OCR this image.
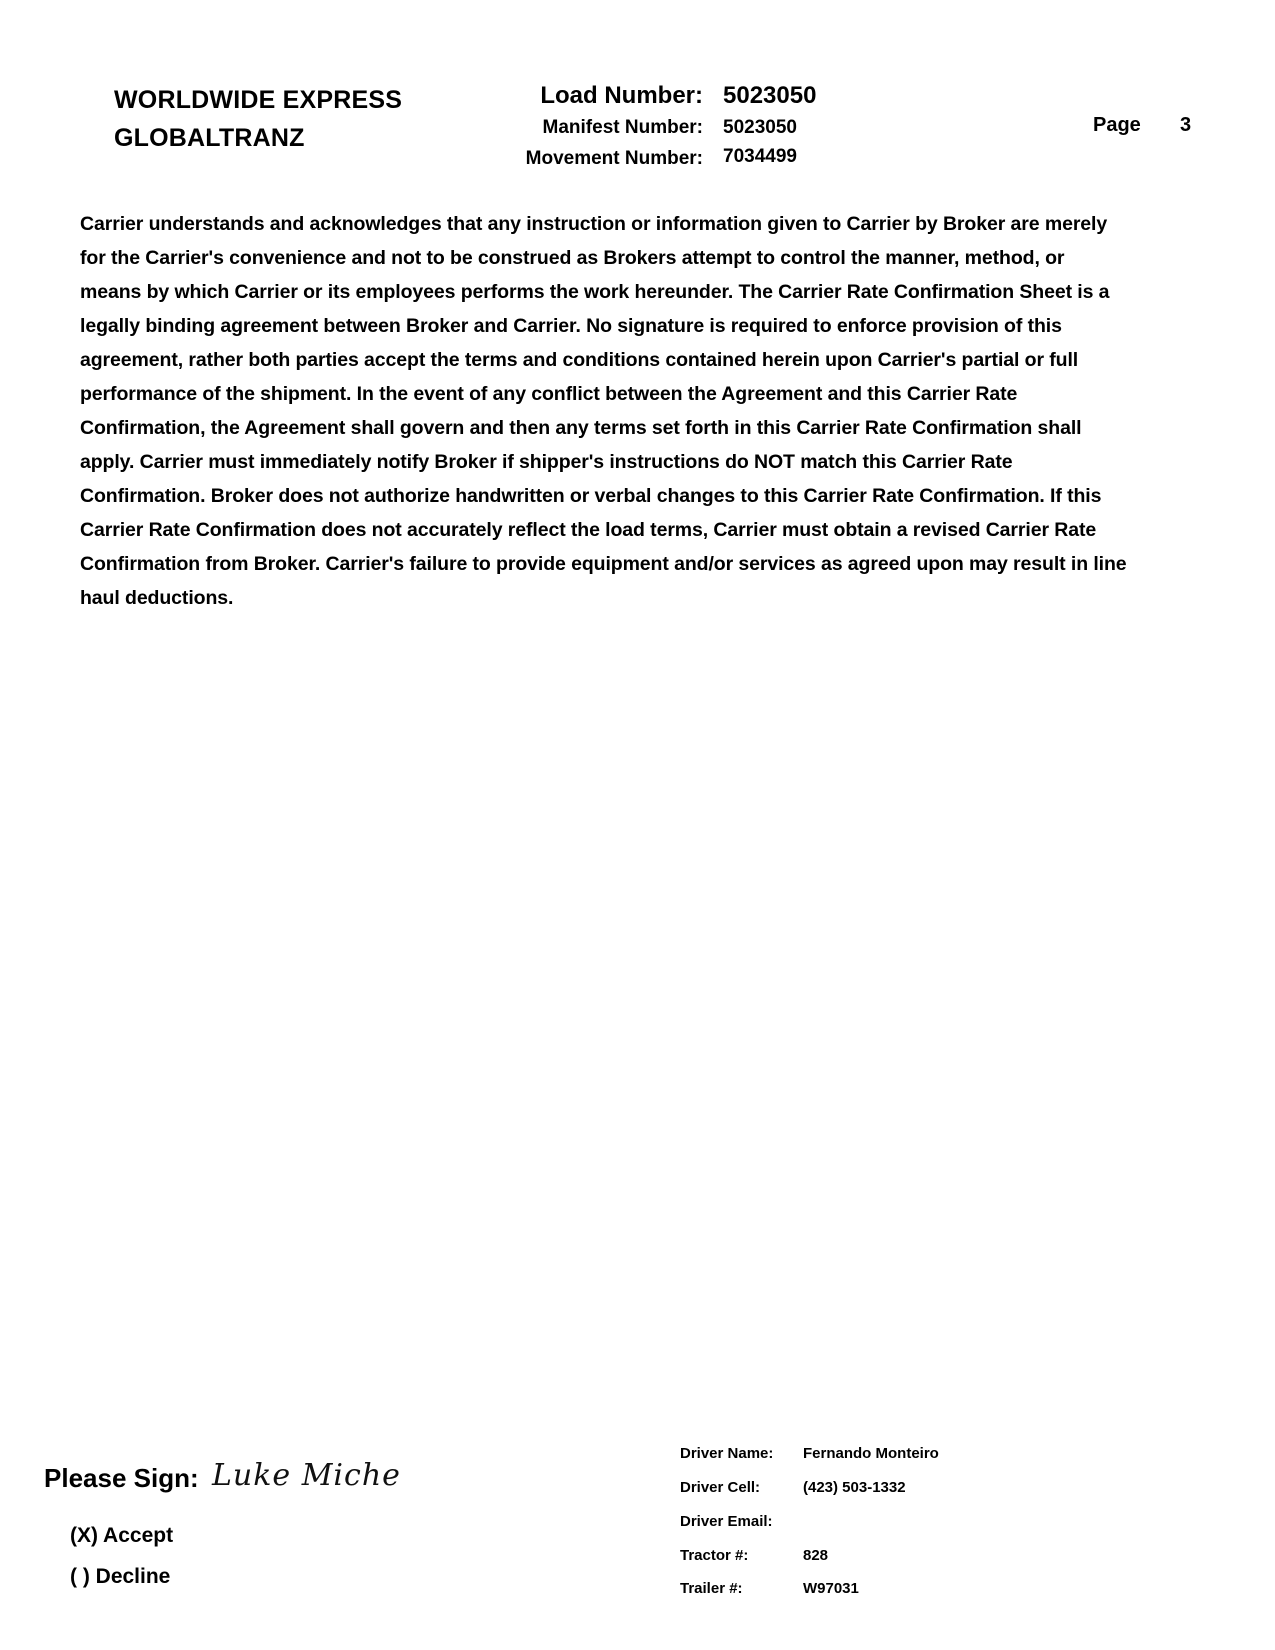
WORLDWIDE EXPRESS
GLOBALTRANZ
Load Number: 5023050
Manifest Number: 5023050
Movement Number: 7034499
Page 3
Carrier understands and acknowledges that any instruction or information given to Carrier by Broker are merely for the Carrier's convenience and not to be construed as Brokers attempt to control the manner, method, or means by which Carrier or its employees performs the work hereunder. The Carrier Rate Confirmation Sheet is a legally binding agreement between Broker and Carrier. No signature is required to enforce provision of this agreement, rather both parties accept the terms and conditions contained herein upon Carrier's partial or full performance of the shipment. In the event of any conflict between the Agreement and this Carrier Rate Confirmation, the Agreement shall govern and then any terms set forth in this Carrier Rate Confirmation shall apply. Carrier must immediately notify Broker if shipper's instructions do NOT match this Carrier Rate Confirmation. Broker does not authorize handwritten or verbal changes to this Carrier Rate Confirmation. If this Carrier Rate Confirmation does not accurately reflect the load terms, Carrier must obtain a revised Carrier Rate Confirmation from Broker. Carrier's failure to provide equipment and/or services as agreed upon may result in line haul deductions.
Please Sign: Luke Miche
(X) Accept
( ) Decline
Driver Name: Fernando Monteiro
Driver Cell:	(423) 503-1332
Driver Email:
Tractor #:	828
Trailer #:	W97031
